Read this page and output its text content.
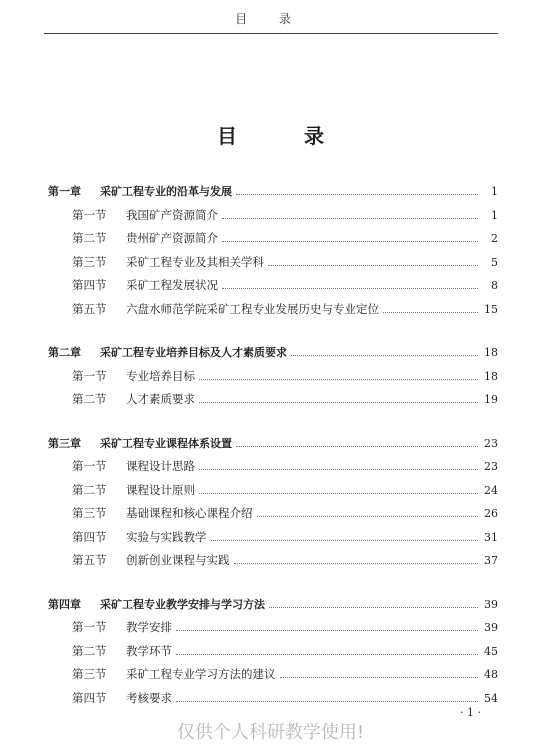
目 录
目 录
第一章	采矿工程专业的沿革与发展	1
第一节	我国矿产资源简介	1
第二节	贵州矿产资源简介	2
第三节	采矿工程专业及其相关学科	5
第四节	采矿工程发展状况	8
第五节	六盘水师范学院采矿工程专业发展历史与专业定位	15
第二章	采矿工程专业培养目标及人才素质要求	18
第一节	专业培养目标	18
第二节	人才素质要求	19
第三章	采矿工程专业课程体系设置	23
第一节	课程设计思路	23
第二节	课程设计原则	24
第三节	基础课程和核心课程介绍	26
第四节	实验与实践教学	31
第五节	创新创业课程与实践	37
第四章	采矿工程专业教学安排与学习方法	39
第一节	教学安排	39
第二节	教学环节	45
第三节	采矿工程专业学习方法的建议	48
第四节	考核要求	54
· 1 ·
仅供个人科研教学使用!
